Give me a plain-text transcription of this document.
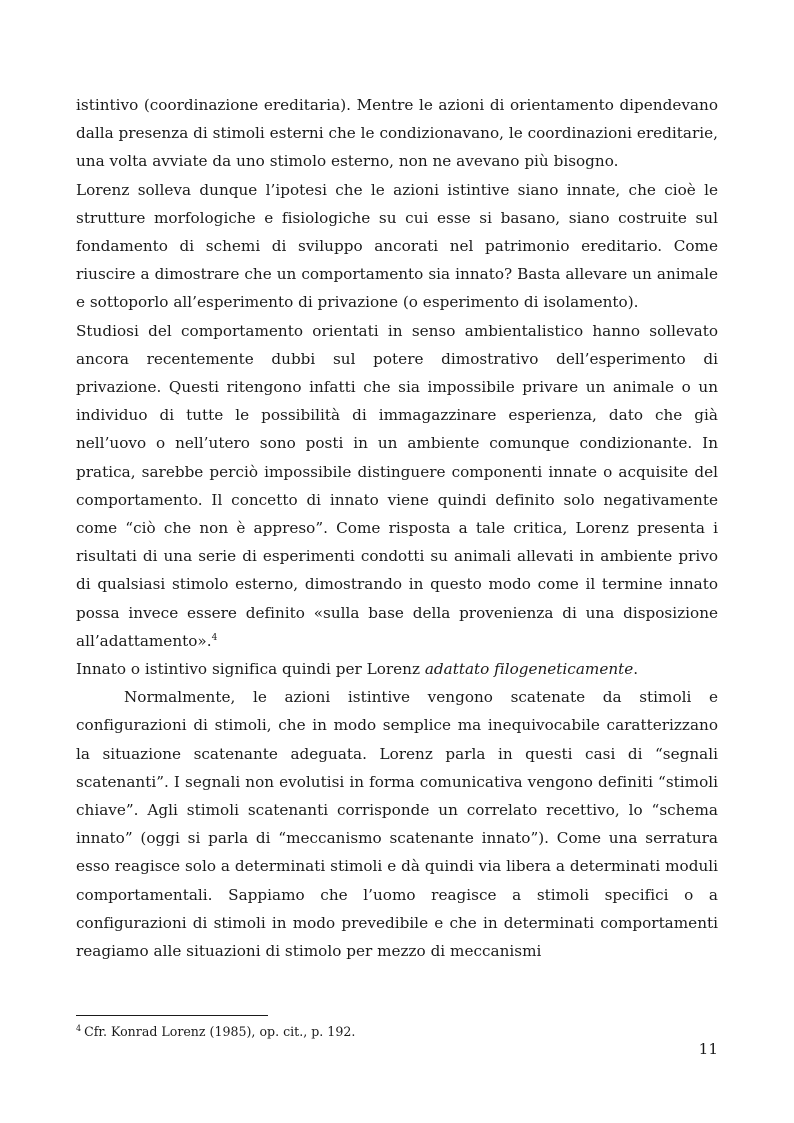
istintivo (coordinazione ereditaria). Mentre le azioni di orientamento dipendevano dalla presenza di stimoli esterni che le condizionavano, le coordinazioni ereditarie, una volta avviate da uno stimolo esterno, non ne avevano più bisogno.

Lorenz solleva dunque l’ipotesi che le azioni istintive siano innate, che cioè le strutture morfologiche e fisiologiche su cui esse si basano, siano costruite sul fondamento di schemi di sviluppo ancorati nel patrimonio ereditario. Come riuscire a dimostrare che un comportamento sia innato? Basta allevare un animale e sottoporlo all’esperimento di privazione (o esperimento di isolamento).
Studiosi del comportamento orientati in senso ambientalistico hanno sollevato ancora recentemente dubbi sul potere dimostrativo dell’esperimento di privazione. Questi ritengono infatti che sia impossibile privare un animale o un individuo di tutte le possibilità di immagazzinare esperienza, dato che già nell’uovo o nell’utero sono posti in un ambiente comunque condizionante. In pratica, sarebbe perciò impossibile distinguere componenti innate o acquisite del comportamento. Il concetto di innato viene quindi definito solo negativamente come “ciò che non è appreso”. Come risposta a tale critica, Lorenz presenta i risultati di una serie di esperimenti condotti su animali allevati in ambiente privo di qualsiasi stimolo esterno, dimostrando in questo modo come il termine innato possa invece essere definito «sulla base della provenienza di una disposizione all’adattamento».$^4$
Innato o istintivo significa quindi per Lorenz adattato filogeneticamente.

Normalmente, le azioni istintive vengono scatenate da stimoli e configurazioni di stimoli, che in modo semplice ma inequivocabile caratterizzano la situazione scatenante adeguata. Lorenz parla in questi casi di “segnali scatenanti”. I segnali non evolutisi in forma comunicativa vengono definiti “stimoli chiave”. Agli stimoli scatenanti corrisponde un correlato recettivo, lo “schema innato” (oggi si parla di “meccanismo scatenante innato”). Come una serratura esso reagisce solo a determinati stimoli e dà quindi via libera a determinati moduli comportamentali. Sappiamo che l’uomo reagisce a stimoli specifici o a configurazioni di stimoli in modo prevedibile e che in determinati comportamenti reagiamo alle situazioni di stimolo per mezzo di meccanismi

$^4$ Cfr. Konrad Lorenz (1985), op. cit., p. 192.
11
